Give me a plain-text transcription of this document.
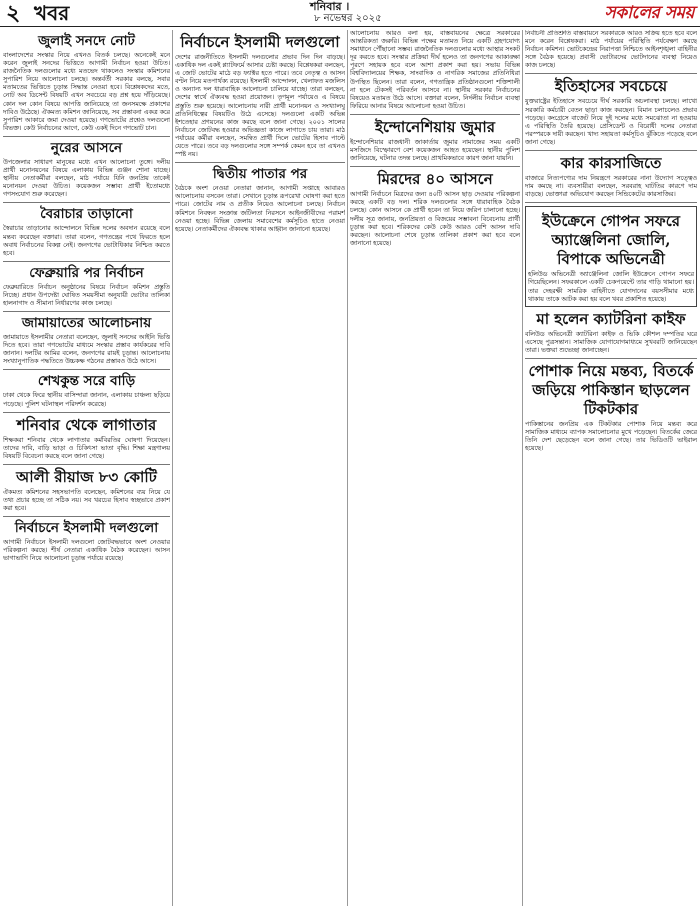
২ খবর	শনিবার ।
৮ নভেম্বর ২০২৫	সকালের সময়
জুলাই সনদে নোট
বাংলাদেশের সংস্কার নিয়ে এখনও বিতর্ক চলছে। অনেকেই মনে করেন জুলাই সনদের ভিত্তিতে আগামী নির্বাচন হওয়া উচিত। রাজনৈতিক দলগুলোর মধ্যে মতভেদ থাকলেও সংস্কার কমিশনের সুপারিশ নিয়ে আলোচনা চলছে। অন্তর্বর্তী সরকার বলছে, সবার মতামতের ভিত্তিতে চূড়ান্ত সিদ্ধান্ত নেওয়া হবে। বিশ্লেষকদের মতে, নোট অব ডিসেন্ট বিষয়টি এখন সবচেয়ে বড় প্রশ্ন হয়ে দাঁড়িয়েছে। কোন দল কোন বিষয়ে আপত্তি জানিয়েছে তা জনসমক্ষে প্রকাশের দাবিও উঠেছে। ঐকমত্য কমিশন জানিয়েছে, সব প্রস্তাবনা একত্র করে সুপারিশ আকারে জমা দেওয়া হয়েছে। গণভোটের প্রশ্নেও দলগুলো বিভক্ত। কেউ নির্বাচনের আগে, কেউ একই দিনে গণভোট চান।
নুরের আসনে
উপজেলার সাধারণ মানুষের মধ্যে এখন আলোচনা তুঙ্গে। দলীয় প্রার্থী মনোনয়নের বিষয়ে এলাকায় বিভিন্ন গুঞ্জন শোনা যাচ্ছে। স্থানীয় নেতাকর্মীরা বলছেন, মাঠ পর্যায়ে যিনি জনপ্রিয় তাকেই মনোনয়ন দেওয়া উচিত। কয়েকজন সম্ভাব্য প্রার্থী ইতোমধ্যে গণসংযোগ শুরু করেছেন।
বৈরাচার তাড়ানো
স্বৈরাচার তাড়ানোর আন্দোলনে বিভিন্ন দলের অবদান রয়েছে বলে মন্তব্য করেছেন বক্তারা। তারা বলেন, গণতন্ত্রের পথে ফিরতে হলে অবাধ নির্বাচনের বিকল্প নেই। জনগণের ভোটাধিকার নিশ্চিত করতে হবে।
ফেব্রুয়ারি পর নির্বাচন
ফেব্রুয়ারিতে নির্বাচন অনুষ্ঠানের বিষয়ে নির্বাচন কমিশন প্রস্তুতি নিচ্ছে। প্রধান উপদেষ্টা ঘোষিত সময়সীমা অনুযায়ী ভোটার তালিকা হালনাগাদ ও সীমানা নির্ধারণের কাজ চলছে।
জামায়াতের আলোচনায়
জামায়াতে ইসলামীর নেতারা বলেছেন, জুলাই সনদের আইনি ভিত্তি দিতে হবে। তারা গণভোটের মাধ্যমে সংস্কার প্রস্তাব কার্যকরের দাবি জানান। দলটির আমির বলেন, জনগণের রায়ই চূড়ান্ত। আলোচনায় সংখ্যানুপাতিক পদ্ধতিতে উচ্চকক্ষ গঠনের প্রস্তাবও উঠে আসে।
শেখকুন্ত সরে বাড়ি
ঢাকা থেকে ফিরে স্থানীয় বাসিন্দারা জানান, এলাকায় চাঞ্চল্য ছড়িয়ে পড়েছে। পুলিশ ঘটনাস্থল পরিদর্শন করেছে।
শনিবার থেকে লাগাতার
শিক্ষকরা শনিবার থেকে লাগাতার কর্মবিরতির ঘোষণা দিয়েছেন। তাদের দাবি, বাড়ি ভাড়া ও চিকিৎসা ভাতা বৃদ্ধি। শিক্ষা মন্ত্রণালয় বিষয়টি বিবেচনা করছে বলে জানা গেছে।
আলী রীয়াজ ৮৩ কোটি
ঐকমত্য কমিশনের সহসভাপতি বলেছেন, কমিশনের ব্যয় নিয়ে যে তথ্য প্রচার হচ্ছে তা সঠিক নয়। সব খরচের হিসাব স্বচ্ছভাবে প্রকাশ করা হবে।
নির্বাচনে ইসলামী দলগুলো
আগামী নির্বাচনে ইসলামী দলগুলো জোটবদ্ধভাবে অংশ নেওয়ার পরিকল্পনা করছে। শীর্ষ নেতারা একাধিক বৈঠক করেছেন। আসন ভাগাভাগি নিয়ে আলোচনা চূড়ান্ত পর্যায়ে রয়েছে।
নির্বাচনে ইসলামী দলগুলো
দেশের রাজনীতিতে ইসলামী দলগুলোর প্রভাব দিন দিন বাড়ছে। একাধিক দল একই প্ল্যাটফর্মে আসার চেষ্টা করছে। বিশ্লেষকরা বলছেন, এ জোট ভোটের মাঠে বড় ফ্যাক্টর হতে পারে। তবে নেতৃত্ব ও আসন বণ্টন নিয়ে মতপার্থক্য রয়েছে। ইসলামী আন্দোলন, খেলাফত মজলিস ও অন্যান্য দল ধারাবাহিক আলোচনা চালিয়ে যাচ্ছে। তারা বলছেন, দেশের স্বার্থে ঐক্যবদ্ধ হওয়া প্রয়োজন। তৃণমূল পর্যায়েও এ বিষয়ে প্রস্তুতি শুরু হয়েছে। আলোচনায় নারী প্রার্থী মনোনয়ন ও সংখ্যালঘু প্রতিনিধিত্বের বিষয়টিও উঠে এসেছে। দলগুলো একটি অভিন্ন ইশতেহার প্রণয়নের কাজ করছে বলে জানা গেছে। ২০০১ সালের নির্বাচনে জোটবদ্ধ হওয়ার অভিজ্ঞতা কাজে লাগাতে চায় তারা। মাঠ পর্যায়ের কর্মীরা বলছেন, সমন্বিত প্রার্থী দিলে ভোটের হিসাব পাল্টে যেতে পারে। তবে বড় দলগুলোর সঙ্গে সম্পর্ক কেমন হবে তা এখনও স্পষ্ট নয়।
দ্বিতীয় পাতার পর
বৈঠকে অংশ নেওয়া নেতারা জানান, আগামী সপ্তাহে আবারও আলোচনায় বসবেন তারা। সেখানে চূড়ান্ত রূপরেখা ঘোষণা করা হতে পারে। জোটের নাম ও প্রতীক নিয়েও আলোচনা চলছে। নির্বাচন কমিশনে নিবন্ধন সংক্রান্ত জটিলতা নিরসনে আইনজীবীদের পরামর্শ নেওয়া হচ্ছে। বিভিন্ন জেলায় সমাবেশের কর্মসূচিও হাতে নেওয়া হয়েছে। নেতাকর্মীদের ঐক্যবদ্ধ থাকার আহ্বান জানানো হয়েছে।
আলোচনায় আরও বলা হয়, বাস্তবায়নের ক্ষেত্রে সরকারের আন্তরিকতা জরুরি। বিভিন্ন পক্ষের মতামত নিয়ে একটি গ্রহণযোগ্য সমাধানে পৌঁছানো সম্ভব। রাজনৈতিক দলগুলোর মধ্যে আস্থার সংকট দূর করতে হবে। সংস্কার প্রক্রিয়া দীর্ঘ হলেও তা জনগণের আকাঙ্ক্ষা পূরণে সহায়ক হবে বলে আশা প্রকাশ করা হয়। সভায় বিভিন্ন বিশ্ববিদ্যালয়ের শিক্ষক, সাংবাদিক ও নাগরিক সমাজের প্রতিনিধিরা উপস্থিত ছিলেন। তারা বলেন, গণতান্ত্রিক প্রতিষ্ঠানগুলো শক্তিশালী না হলে টেকসই পরিবর্তন আসবে না। স্থানীয় সরকার নির্বাচনের বিষয়েও মতামত উঠে আসে। বক্তারা বলেন, নির্দলীয় নির্বাচন ব্যবস্থা ফিরিয়ে আনার বিষয়ে আলোচনা হওয়া উচিত।
ইন্দোনেশিয়ায় জুমার
ইন্দোনেশিয়ার রাজধানী জাকার্তায় জুমার নামাজের সময় একটি মসজিদে বিস্ফোরণে বেশ কয়েকজন আহত হয়েছেন। স্থানীয় পুলিশ জানিয়েছে, ঘটনার তদন্ত চলছে। প্রাথমিকভাবে কারণ জানা যায়নি।
মিরদের ৪০ আসনে
আগামী নির্বাচনে মিত্রদের জন্য ৪০টি আসন ছাড় দেওয়ার পরিকল্পনা করছে একটি বড় দল। শরিক দলগুলোর সঙ্গে ধারাবাহিক বৈঠক চলছে। কোন আসনে কে প্রার্থী হবেন তা নিয়ে জরিপ চালানো হচ্ছে। দলীয় সূত্র জানায়, জনপ্রিয়তা ও বিজয়ের সম্ভাবনা বিবেচনায় প্রার্থী চূড়ান্ত করা হবে। শরিকদের কেউ কেউ আরও বেশি আসন দাবি করছেন। আলোচনা শেষে চূড়ান্ত তালিকা প্রকাশ করা হবে বলে জানানো হয়েছে।
নির্বাচনী প্রতিশ্রুতি বাস্তবায়নে সরকারকে আরও সক্রিয় হতে হবে বলে মনে করেন বিশ্লেষকরা। মাঠ পর্যায়ের পরিস্থিতি পর্যবেক্ষণ করছে নির্বাচন কমিশন। ভোটকেন্দ্রের নিরাপত্তা নিশ্চিতে আইনশৃঙ্খলা বাহিনীর সঙ্গে বৈঠক হয়েছে। প্রবাসী ভোটারদের ভোটদানের ব্যবস্থা নিয়েও কাজ চলছে।
ইতিহাসের সবচেয়ে
যুক্তরাষ্ট্রের ইতিহাসে সবচেয়ে দীর্ঘ সরকারি অচলাবস্থা চলছে। লাখো সরকারি কর্মচারী বেতন ছাড়া কাজ করছেন। বিমান চলাচলেও প্রভাব পড়েছে। কংগ্রেসে বাজেট নিয়ে দুই দলের মধ্যে সমঝোতা না হওয়ায় এ পরিস্থিতি তৈরি হয়েছে। প্রেসিডেন্ট ও বিরোধী দলের নেতারা পরস্পরকে দায়ী করছেন। খাদ্য সহায়তা কর্মসূচিও ঝুঁকিতে পড়েছে বলে জানা গেছে।
কার কারসাজিতে
বাজারে নিত্যপণ্যের দাম নিয়ন্ত্রণে সরকারের নানা উদ্যোগ সত্ত্বেও দাম কমছে না। ব্যবসায়ীরা বলছেন, সরবরাহ ঘাটতির কারণে দাম বাড়ছে। ভোক্তারা অভিযোগ করছেন সিন্ডিকেটের কারসাজির।
ইউক্রেনে গোপন সফরে অ্যাঞ্জেলিনা জোলি, বিপাকে অভিনেত্রী
হলিউড অভিনেত্রী অ্যাঞ্জেলিনা জোলি ইউক্রেনে গোপন সফরে গিয়েছিলেন। সফরকালে একটি চেকপয়েন্টে তার গাড়ি থামানো হয়। তার দেহরক্ষী সামরিক বাহিনীতে যোগদানের বয়সসীমার মধ্যে থাকায় তাকে আটক করা হয় বলে খবর প্রকাশিত হয়েছে।
মা হলেন ক্যাটরিনা কাইফ
বলিউড অভিনেত্রী ক্যাটরিনা কাইফ ও ভিকি কৌশল দম্পতির ঘরে এসেছে পুত্রসন্তান। সামাজিক যোগাযোগমাধ্যমে সুখবরটি জানিয়েছেন তারা। ভক্তরা শুভেচ্ছা জানাচ্ছেন।
পোশাক নিয়ে মন্তব্য, বিতর্কে জড়িয়ে পাকিস্তান ছাড়লেন টিকটকার
পাকিস্তানের জনপ্রিয় এক টিকটকার পোশাক নিয়ে মন্তব্য করে সামাজিক মাধ্যমে ব্যাপক সমালোচনার মুখে পড়েছেন। বিতর্কের জেরে তিনি দেশ ছেড়েছেন বলে জানা গেছে। তার ভিডিওটি ভাইরাল হয়েছে।
